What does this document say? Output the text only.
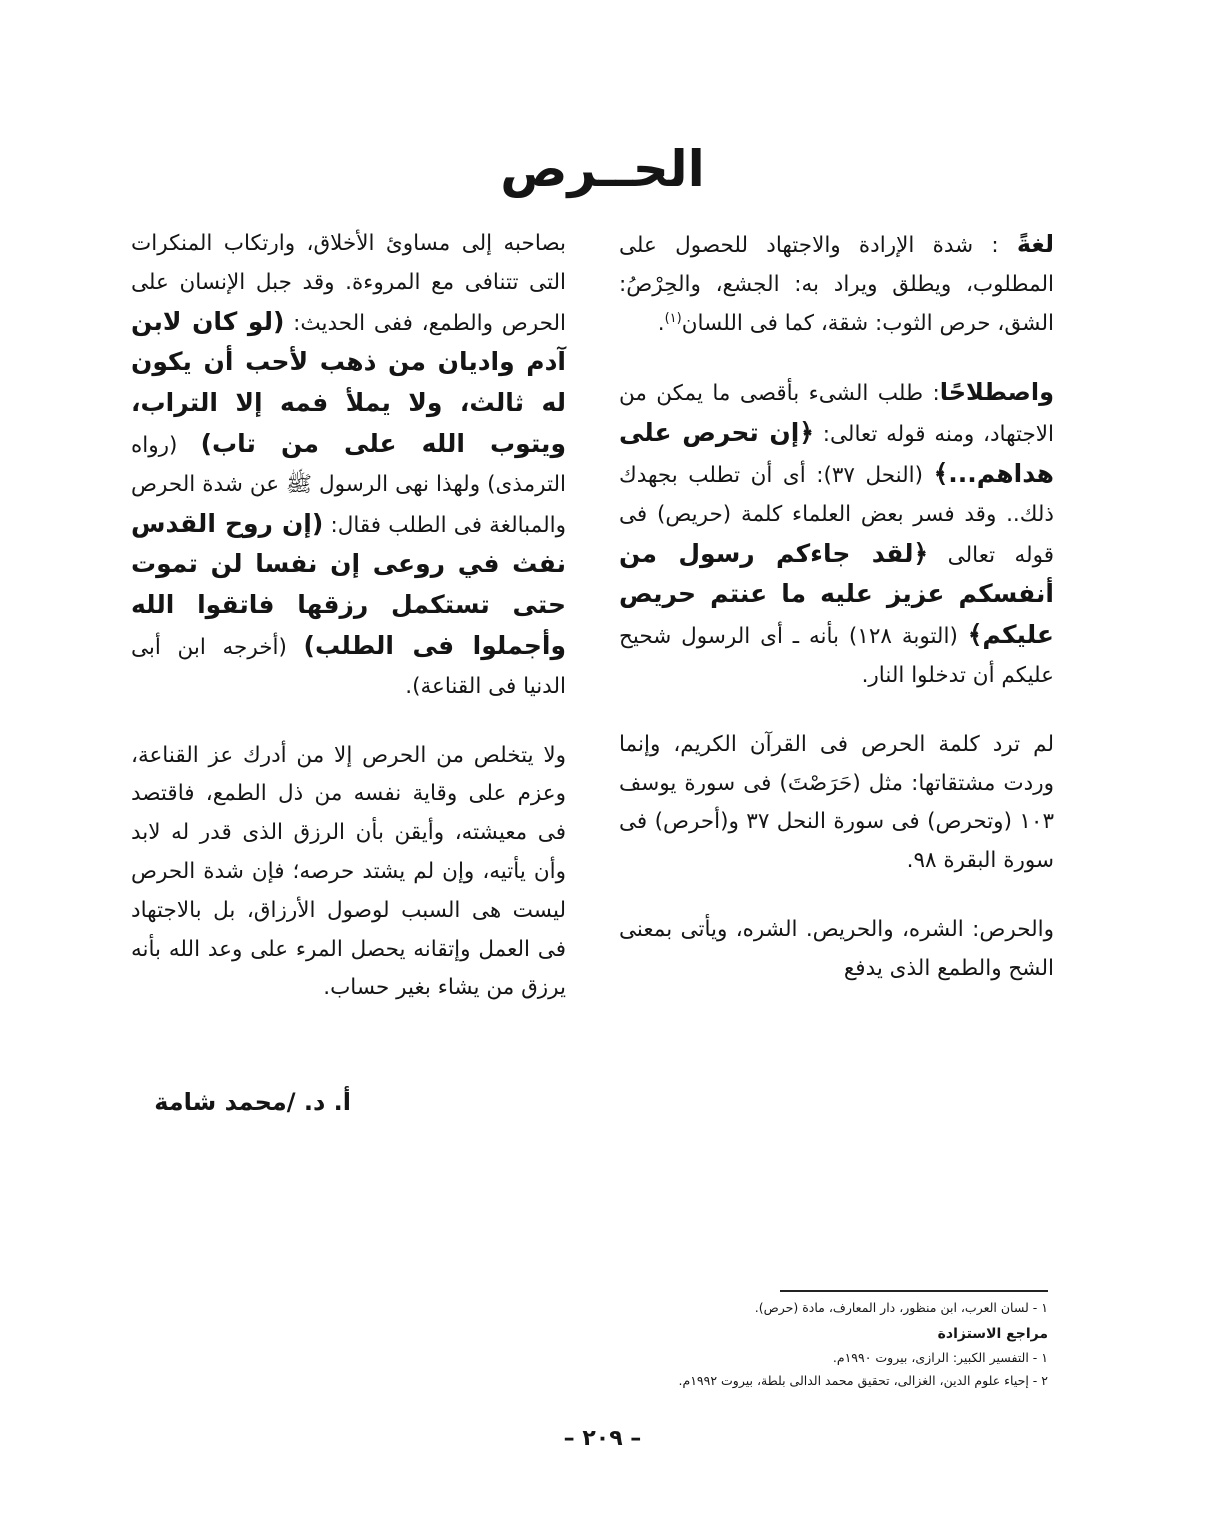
الحــرص

لغةً : شدة الإرادة والاجتهاد للحصول على المطلوب، ويطلق ويراد به: الجشع، والحِرْصُ: الشق، حرص الثوب: شقة، كما فى اللسان$^{(١)}$.

واصطلاحًا: طلب الشىء بأقصى ما يمكن من الاجتهاد، ومنه قوله تعالى: ﴿إن تحرص على هداهم...﴾ (النحل ٣٧): أى أن تطلب بجهدك ذلك.. وقد فسر بعض العلماء كلمة (حريص) فى قوله تعالى ﴿لقد جاءكم رسول من أنفسكم عزيز عليه ما عنتم حريص عليكم﴾ (التوبة ١٢٨) بأنه ـ أى الرسول شحيح عليكم أن تدخلوا النار.

لم ترد كلمة الحرص فى القرآن الكريم، وإنما وردت مشتقاتها: مثل (حَرَصْتَ) فى سورة يوسف ١٠٣ (وتحرص) فى سورة النحل ٣٧ و(أحرص) فى سورة البقرة ٩٨.

والحرص: الشره، والحريص. الشره، ويأتى بمعنى الشح والطمع الذى يدفع

بصاحبه إلى مساوئ الأخلاق، وارتكاب المنكرات التى تتنافى مع المروءة. وقد جبل الإنسان على الحرص والطمع، ففى الحديث: (لو كان لابن آدم واديان من ذهب لأحب أن يكون له ثالث، ولا يملأ فمه إلا التراب، ويتوب الله على من تاب) (رواه الترمذى) ولهذا نهى الرسول ﷺ عن شدة الحرص والمبالغة فى الطلب فقال: (إن روح القدس نفث في روعى إن نفسا لن تموت حتى تستكمل رزقها فاتقوا الله وأجملوا فى الطلب) (أخرجه ابن أبى الدنيا فى القناعة).

ولا يتخلص من الحرص إلا من أدرك عز القناعة، وعزم على وقاية نفسه من ذل الطمع، فاقتصد فى معيشته، وأيقن بأن الرزق الذى قدر له لابد وأن يأتيه، وإن لم يشتد حرصه؛ فإن شدة الحرص ليست هى السبب لوصول الأرزاق، بل بالاجتهاد فى العمل وإتقانه يحصل المرء على وعد الله بأنه يرزق من يشاء بغير حساب.

أ. د. /محمد شامة

١ - لسان العرب، ابن منظور، دار المعارف، مادة (حرص).

مراجع الاستزادة

١ - التفسير الكبير: الرازى، بيروت ١٩٩٠م.

٢ - إحياء علوم الدين، الغزالى، تحقيق محمد الدالى بلطة، بيروت ١٩٩٢م.

– ٢٠٩ –
